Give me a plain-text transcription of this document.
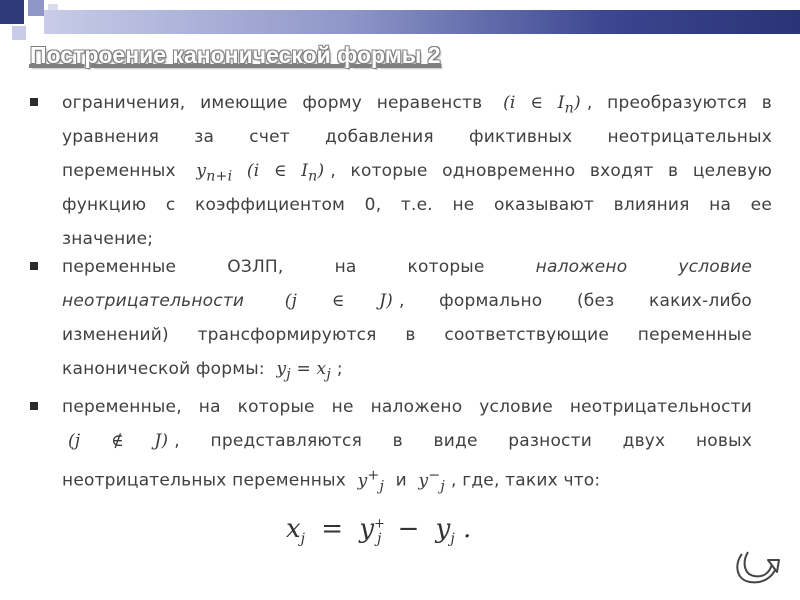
Построение канонической формы 2
ограничения, имеющие форму неравенств (i ∈ $I_n$) , преобразуются в
уравнения за счет добавления фиктивных неотрицательных
переменных $y_{n+i}$ (i ∈ $I_n$) , которые одновременно входят в целевую
функцию с коэффициентом 0, т.е. не оказывают влияния на ее
значение;
переменные ОЗЛП, на которые	наложено условие
неотрицательности (j ∈ J) , формально (без каких-либо
изменений) трансформируются в соответствующие переменные
канонической формы: $y_j = x_j$ ;
переменные, на которые не наложено условие неотрицательности
(j ∉ J) , представляются в виде разности двух новых
неотрицательных переменных $y^+_j$ и $y^-_j$ , где, таких что:
$x_j = y^+_j - y_j$ .
